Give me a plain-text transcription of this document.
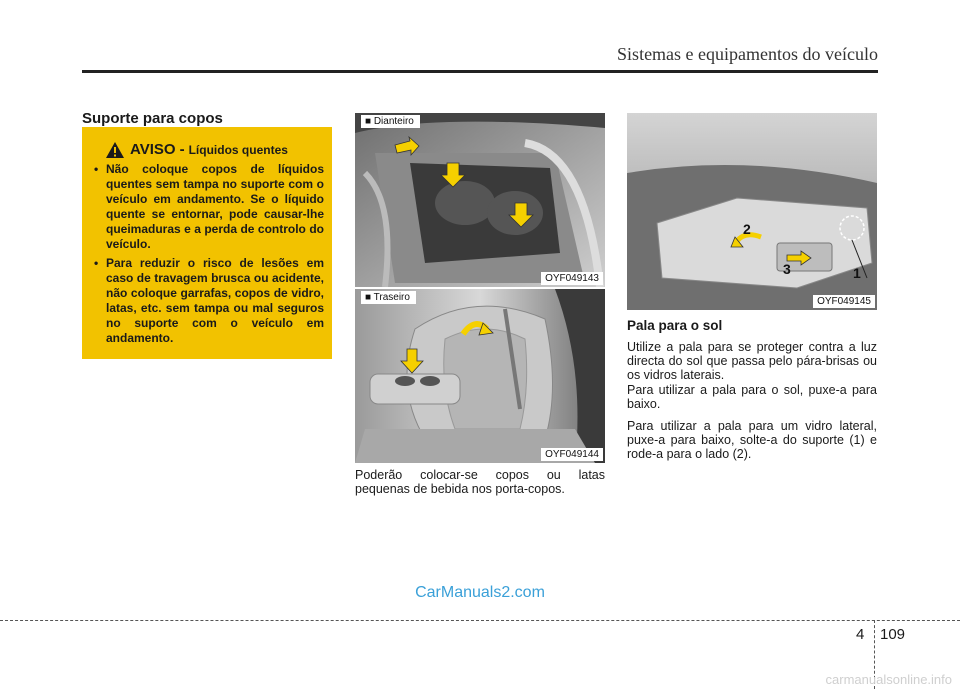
Sistemas e equipamentos do veículo
Suporte para copos
AVISO - Líquidos quentes
• Não coloque copos de líquidos quentes sem tampa no suporte com o veículo em andamento. Se o líquido quente se entornar, pode causar-lhe queimaduras e a perda de controlo do veículo.
• Para reduzir o risco de lesões em caso de travagem brusca ou acidente, não coloque garrafas, copos de vidro, latas, etc. sem tampa ou mal seguros no suporte com o veículo em andamento.
■ Dianteiro
OYF049143
■ Traseiro
OYF049144
Poderão colocar-se copos ou latas pequenas de bebida nos porta-copos.
2
3	1
OYF049145
Pala para o sol

Utilize a pala para se proteger contra a luz directa do sol que passa pelo pára-brisas ou os vidros laterais.

Para utilizar a pala para o sol, puxe-a para baixo.

Para utilizar a pala para um vidro lateral, puxe-a para baixo, solte-a do suporte (1) e rode-a para o lado (2).

CarManuals2.com
4 109
carmanualsonline.info
